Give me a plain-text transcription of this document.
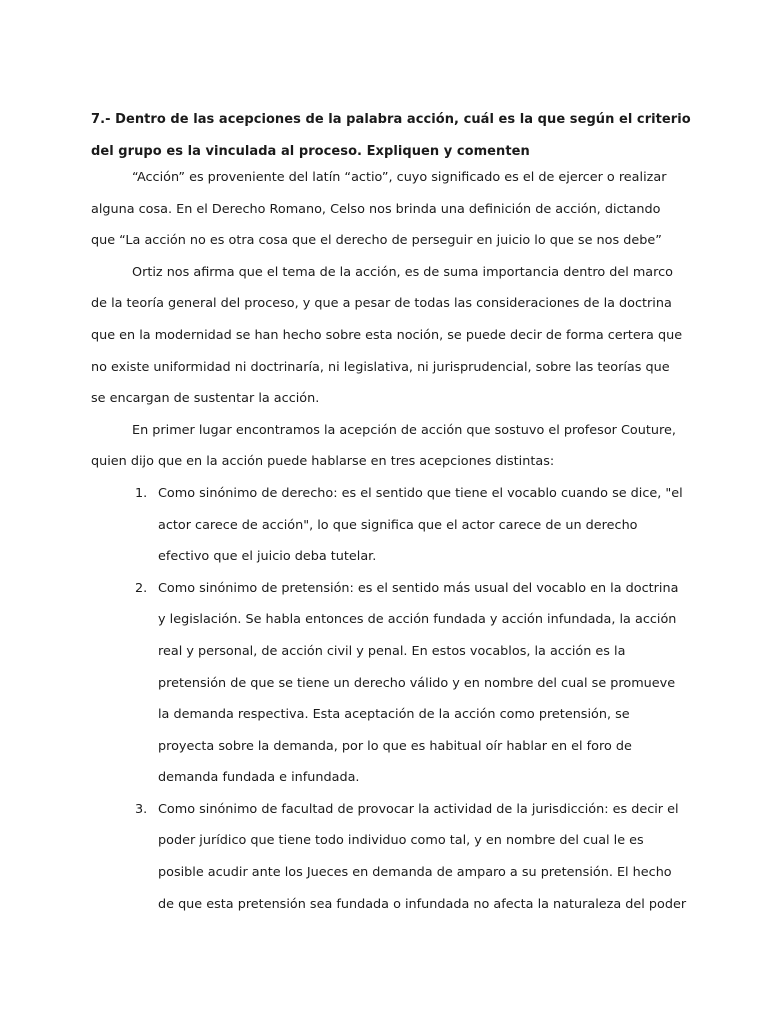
7.- Dentro de las acepciones de la palabra acción, cuál es la que según el criterio
del grupo es la vinculada al proceso. Expliquen y comenten
“Acción” es proveniente del latín “actio”, cuyo significado es el de ejercer o realizar
alguna cosa. En el Derecho Romano, Celso nos brinda una definición de acción, dictando
que “La acción no es otra cosa que el derecho de perseguir en juicio lo que se nos debe”
Ortiz nos afirma que el tema de la acción, es de suma importancia dentro del marco
de la teoría general del proceso, y que a pesar de todas las consideraciones de la doctrina
que en la modernidad se han hecho sobre esta noción, se puede decir de forma certera que
no existe uniformidad ni doctrinaría, ni legislativa, ni jurisprudencial, sobre las teorías que
se encargan de sustentar la acción.
En primer lugar encontramos la acepción de acción que sostuvo el profesor Couture,
quien dijo que en la acción puede hablarse en tres acepciones distintas:
1. Como sinónimo de derecho: es el sentido que tiene el vocablo cuando se dice, "el
actor carece de acción", lo que significa que el actor carece de un derecho
efectivo que el juicio deba tutelar.
2. Como sinónimo de pretensión: es el sentido más usual del vocablo en la doctrina
y legislación. Se habla entonces de acción fundada y acción infundada, la acción
real y personal, de acción civil y penal. En estos vocablos, la acción es la
pretensión de que se tiene un derecho válido y en nombre del cual se promueve
la demanda respectiva. Esta aceptación de la acción como pretensión, se
proyecta sobre la demanda, por lo que es habitual oír hablar en el foro de
demanda fundada e infundada.
3. Como sinónimo de facultad de provocar la actividad de la jurisdicción: es decir el
poder jurídico que tiene todo individuo como tal, y en nombre del cual le es
posible acudir ante los Jueces en demanda de amparo a su pretensión. El hecho
de que esta pretensión sea fundada o infundada no afecta la naturaleza del poder
